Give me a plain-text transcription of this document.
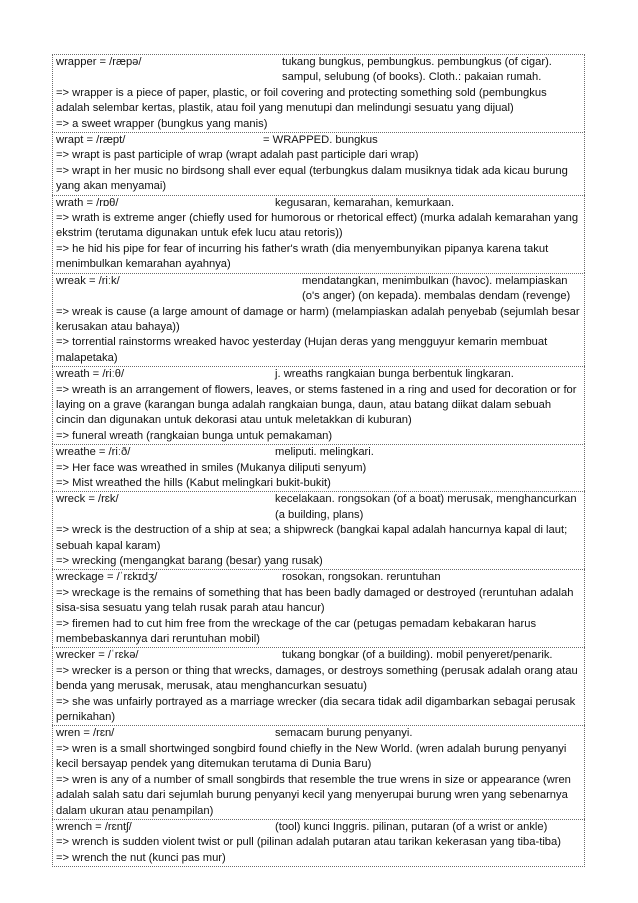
wrapper = /ræpə/	tukang bungkus, pembungkus. pembungkus (of cigar). sampul, selubung (of books). Cloth.: pakaian rumah.
=> wrapper is a piece of paper, plastic, or foil covering and protecting something sold (pembungkus adalah selembar kertas, plastik, atau foil yang menutupi dan melindungi sesuatu yang dijual)
=> a sweet wrapper (bungkus yang manis)
wrapt = /ræpt/	= WRAPPED. bungkus
=> wrapt is past participle of wrap (wrapt adalah past participle dari wrap)
=> wrapt in her music no birdsong shall ever equal (terbungkus dalam musiknya tidak ada kicau burung yang akan menyamai)
wrath = /rɒθ/	kegusaran, kemarahan, kemurkaan.
=> wrath is extreme anger (chiefly used for humorous or rhetorical effect) (murka adalah kemarahan yang ekstrim (terutama digunakan untuk efek lucu atau retoris))
=> he hid his pipe for fear of incurring his father's wrath (dia menyembunyikan pipanya karena takut menimbulkan kemarahan ayahnya)
wreak = /riːk/	mendatangkan, menimbulkan (havoc). melampiaskan (o's anger) (on kepada). membalas dendam (revenge)
=> wreak is cause (a large amount of damage or harm) (melampiaskan adalah penyebab (sejumlah besar kerusakan atau bahaya))
=> torrential rainstorms wreaked havoc yesterday (Hujan deras yang mengguyur kemarin membuat malapetaka)
wreath = /riːθ/	j. wreaths rangkaian bunga berbentuk lingkaran.
=> wreath is an arrangement of flowers, leaves, or stems fastened in a ring and used for decoration or for laying on a grave (karangan bunga adalah rangkaian bunga, daun, atau batang diikat dalam sebuah cincin dan digunakan untuk dekorasi atau untuk meletakkan di kuburan)
=> funeral wreath (rangkaian bunga untuk pemakaman)
wreathe = /riːð/	meliputi. melingkari.
=> Her face was wreathed in smiles (Mukanya diliputi senyum)
=> Mist wreathed the hills (Kabut melingkari bukit-bukit)
wreck = /rɛk/	kecelakaan. rongsokan (of a boat) merusak, menghancurkan (a building, plans)
=> wreck is the destruction of a ship at sea; a shipwreck (bangkai kapal adalah hancurnya kapal di laut; sebuah kapal karam)
=> wrecking (mengangkat barang (besar) yang rusak)
wreckage = /ˈrɛkɪdʒ/	rosokan, rongsokan. reruntuhan
=> wreckage is the remains of something that has been badly damaged or destroyed (reruntuhan adalah sisa-sisa sesuatu yang telah rusak parah atau hancur)
=> firemen had to cut him free from the wreckage of the car (petugas pemadam kebakaran harus membebaskannya dari reruntuhan mobil)
wrecker = /ˈrɛkə/	tukang bongkar (of a building). mobil penyeret/penarik.
=> wrecker is a person or thing that wrecks, damages, or destroys something (perusak adalah orang atau benda yang merusak, merusak, atau menghancurkan sesuatu)
=> she was unfairly portrayed as a marriage wrecker (dia secara tidak adil digambarkan sebagai perusak pernikahan)
wren = /rɛn/	semacam burung penyanyi.
=> wren is a small shortwinged songbird found chiefly in the New World. (wren adalah burung penyanyi kecil bersayap pendek yang ditemukan terutama di Dunia Baru)
=> wren is any of a number of small songbirds that resemble the true wrens in size or appearance (wren adalah salah satu dari sejumlah burung penyanyi kecil yang menyerupai burung wren yang sebenarnya dalam ukuran atau penampilan)
wrench = /rɛntʃ/	(tool) kunci Inggris. pilinan, putaran (of a wrist or ankle)
=> wrench is sudden violent twist or pull (pilinan adalah putaran atau tarikan kekerasan yang tiba-tiba)
=> wrench the nut (kunci pas mur)
